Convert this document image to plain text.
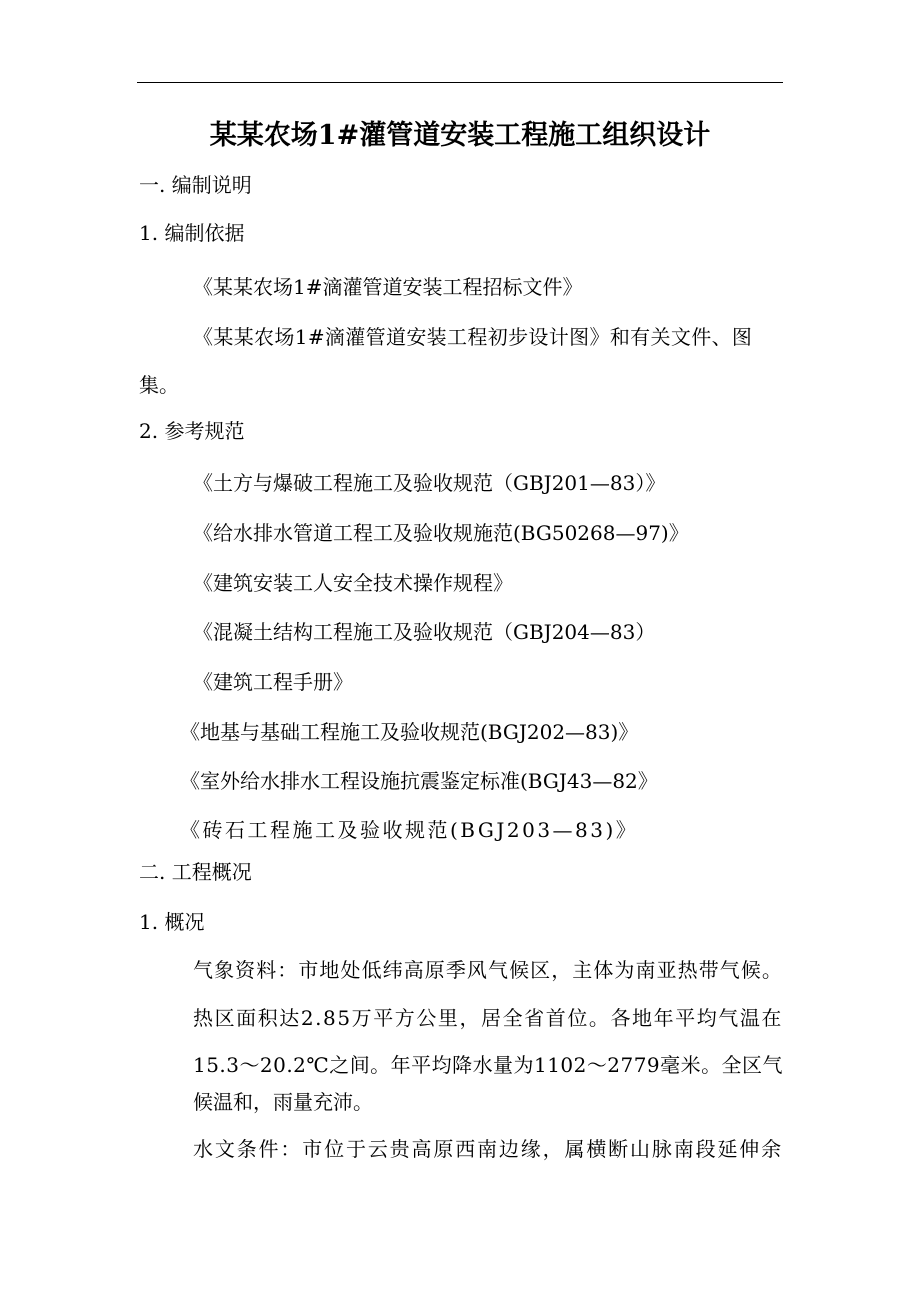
某某农场1#灌管道安装工程施工组织设计
一. 编制说明
1. 编制依据
《某某农场1#滴灌管道安装工程招标文件》
《某某农场1#滴灌管道安装工程初步设计图》和有关文件、图
集。
2. 参考规范
《土方与爆破工程施工及验收规范（GBJ201—83）》
《给水排水管道工程工及验收规施范(BG50268—97)》
《建筑安装工人安全技术操作规程》
《混凝土结构工程施工及验收规范（GBJ204—83）
《建筑工程手册》
《地基与基础工程施工及验收规范(BGJ202—83)》
《室外给水排水工程设施抗震鉴定标准(BGJ43—82》
《砖石工程施工及验收规范(BGJ203—83)》
二. 工程概况
1. 概况
气象资料：市地处低纬高原季风气候区，主体为南亚热带气候。
热区面积达2.85万平方公里，居全省首位。各地年平均气温在
15.3～20.2℃之间。年平均降水量为1102～2779毫米。全区气
候温和，雨量充沛。
水文条件：市位于云贵高原西南边缘，属横断山脉南段延伸余
